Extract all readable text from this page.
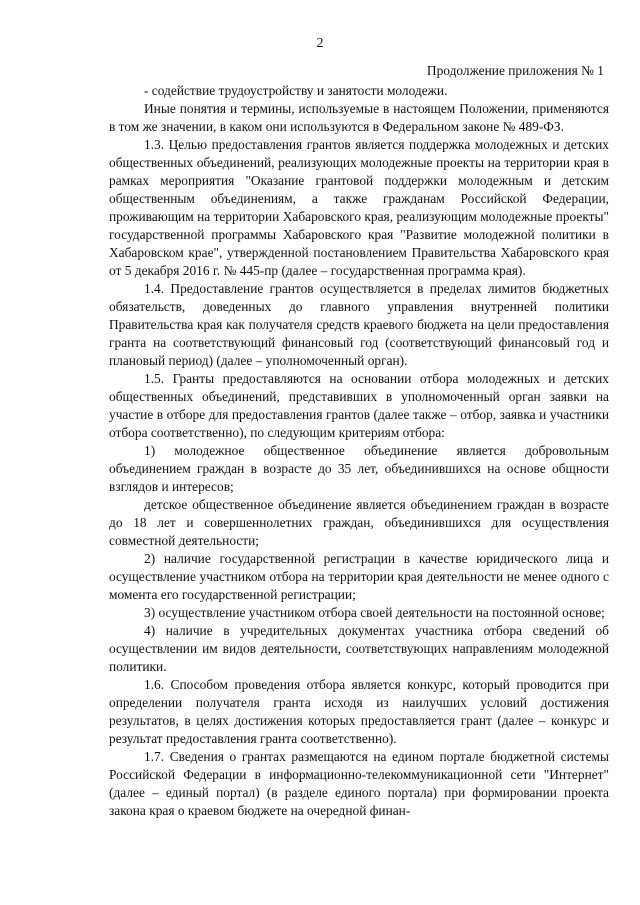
2
Продолжение приложения № 1

- содействие трудоустройству и занятости молодежи.

Иные понятия и термины, используемые в настоящем Положении, применяются в том же значении, в каком они используются в Федеральном законе № 489-ФЗ.

1.3. Целью предоставления грантов является поддержка молодежных и детских общественных объединений, реализующих молодежные проекты на территории края в рамках мероприятия "Оказание грантовой поддержки молодежным и детским общественным объединениям, а также гражданам Российской Федерации, проживающим на территории Хабаровского края, реализующим молодежные проекты" государственной программы Хабаровского края "Развитие молодежной политики в Хабаровском крае", утвержденной постановлением Правительства Хабаровского края от 5 декабря 2016 г. № 445-пр (далее – государственная программа края).

1.4. Предоставление грантов осуществляется в пределах лимитов бюджетных обязательств, доведенных до главного управления внутренней политики Правительства края как получателя средств краевого бюджета на цели предоставления гранта на соответствующий финансовый год (соответствующий финансовый год и плановый период) (далее – уполномоченный орган).

1.5. Гранты предоставляются на основании отбора молодежных и детских общественных объединений, представивших в уполномоченный орган заявки на участие в отборе для предоставления грантов (далее также – отбор, заявка и участники отбора соответственно), по следующим критериям отбора:

1) молодежное общественное объединение является добровольным объединением граждан в возрасте до 35 лет, объединившихся на основе общности взглядов и интересов;

детское общественное объединение является объединением граждан в возрасте до 18 лет и совершеннолетних граждан, объединившихся для осуществления совместной деятельности;

2) наличие государственной регистрации в качестве юридического лица и осуществление участником отбора на территории края деятельности не менее одного с момента его государственной регистрации;

3) осуществление участником отбора своей деятельности на постоянной основе;

4) наличие в учредительных документах участника отбора сведений об осуществлении им видов деятельности, соответствующих направлениям молодежной политики.

1.6. Способом проведения отбора является конкурс, который проводится при определении получателя гранта исходя из наилучших условий достижения результатов, в целях достижения которых предоставляется грант (далее – конкурс и результат предоставления гранта соответственно).

1.7. Сведения о грантах размещаются на едином портале бюджетной системы Российской Федерации в информационно-телекоммуникационной сети "Интернет" (далее – единый портал) (в разделе единого портала) при формировании проекта закона края о краевом бюджете на очередной финан-
